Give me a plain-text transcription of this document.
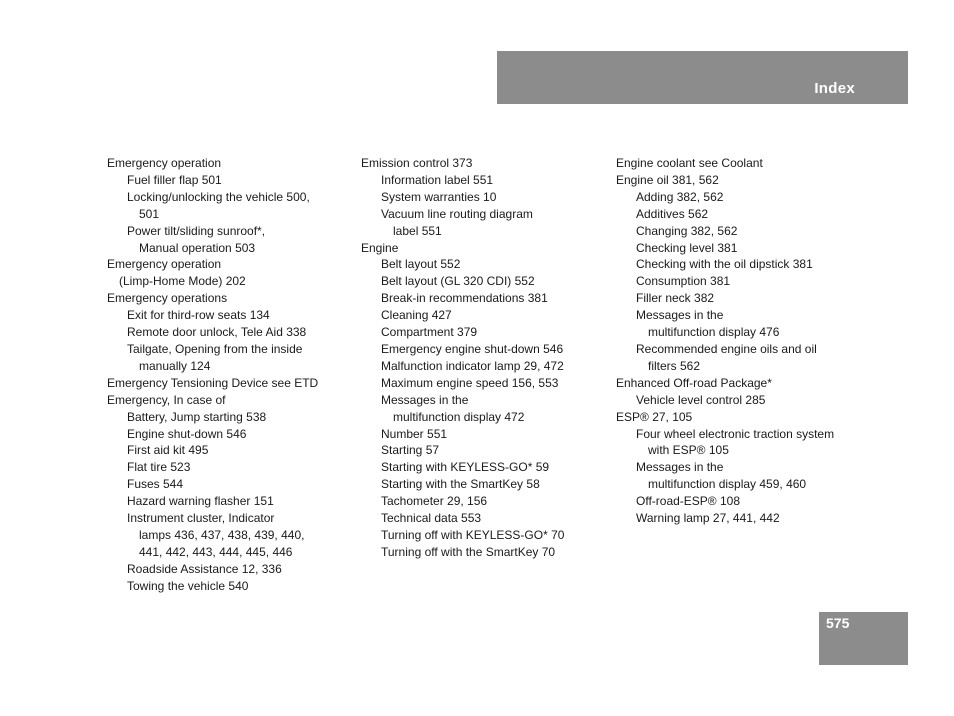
Index
Emergency operation
Fuel filler flap 501
Locking/unlocking the vehicle 500,
501
Power tilt/sliding sunroof*,
Manual operation 503
Emergency operation
(Limp-Home Mode) 202
Emergency operations
Exit for third-row seats 134
Remote door unlock, Tele Aid 338
Tailgate, Opening from the inside
manually 124
Emergency Tensioning Device see ETD
Emergency, In case of
Battery, Jump starting 538
Engine shut-down 546
First aid kit 495
Flat tire 523
Fuses 544
Hazard warning flasher 151
Instrument cluster, Indicator
lamps 436, 437, 438, 439, 440,
441, 442, 443, 444, 445, 446
Roadside Assistance 12, 336
Towing the vehicle 540
Emission control 373
Information label 551
System warranties 10
Vacuum line routing diagram
label 551
Engine
Belt layout 552
Belt layout (GL 320 CDI) 552
Break-in recommendations 381
Cleaning 427
Compartment 379
Emergency engine shut-down 546
Malfunction indicator lamp 29, 472
Maximum engine speed 156, 553
Messages in the
multifunction display 472
Number 551
Starting 57
Starting with KEYLESS-GO* 59
Starting with the SmartKey 58
Tachometer 29, 156
Technical data 553
Turning off with KEYLESS-GO* 70
Turning off with the SmartKey 70
Engine coolant see Coolant
Engine oil 381, 562
Adding 382, 562
Additives 562
Changing 382, 562
Checking level 381
Checking with the oil dipstick 381
Consumption 381
Filler neck 382
Messages in the
multifunction display 476
Recommended engine oils and oil
filters 562
Enhanced Off-road Package*
Vehicle level control 285
ESP® 27, 105
Four wheel electronic traction system
with ESP® 105
Messages in the
multifunction display 459, 460
Off-road-ESP® 108
Warning lamp 27, 441, 442
575
